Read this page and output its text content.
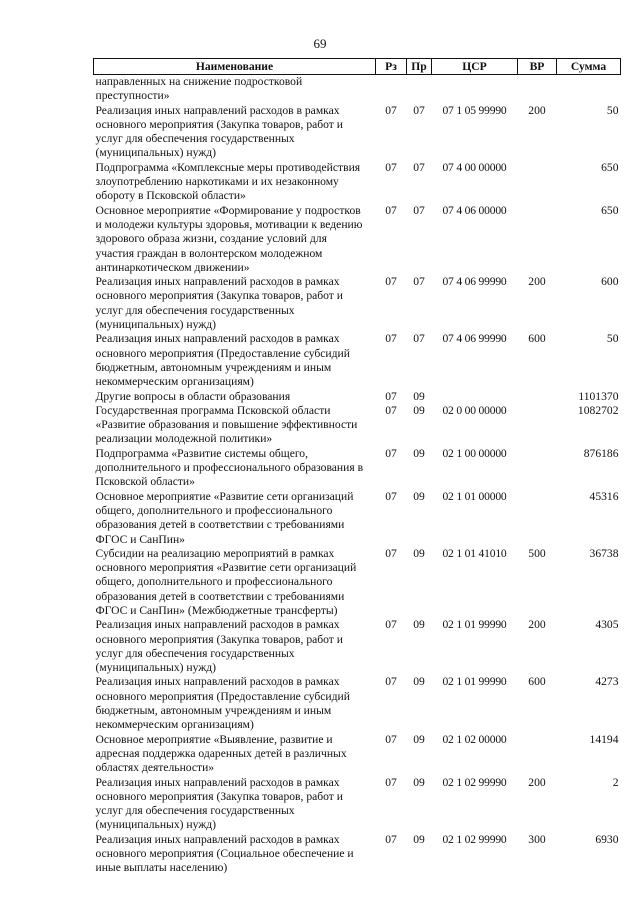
69
Наименование	Рз	Пр	ЦСР	ВР	Сумма

направленных на снижение подростковой
преступности»					

Реализация иных направлений расходов в рамках
основного мероприятия (Закупка товаров, работ и
услуг для обеспечения государственных
(муниципальных) нужд)	07	07	07 1 05 99990	200	50

Подпрограмма «Комплексные меры противодействия
злоупотреблению наркотиками и их незаконному
обороту в Псковской области»	07	07	07 4 00 00000		650

Основное мероприятие «Формирование у подростков
и молодежи культуры здоровья, мотивации к ведению
здорового образа жизни, создание условий для
участия граждан в волонтерском молодежном
антинаркотическом движении»	07	07	07 4 06 00000		650

Реализация иных направлений расходов в рамках
основного мероприятия (Закупка товаров, работ и
услуг для обеспечения государственных
(муниципальных) нужд)	07	07	07 4 06 99990	200	600

Реализация иных направлений расходов в рамках
основного мероприятия (Предоставление субсидий
бюджетным, автономным учреждениям и иным
некоммерческим организациям)	07	07	07 4 06 99990	600	50

Другие вопросы в области образования	07	09			1101370

Государственная программа Псковской области
«Развитие образования и повышение эффективности
реализации молодежной политики»	07	09	02 0 00 00000		1082702

Подпрограмма «Развитие системы общего,
дополнительного и профессионального образования в
Псковской области»	07	09	02 1 00 00000		876186

Основное мероприятие «Развитие сети организаций
общего, дополнительного и профессионального
образования детей в соответствии с требованиями
ФГОС и СанПин»	07	09	02 1 01 00000		45316

Субсидии на реализацию мероприятий в рамках
основного мероприятия «Развитие сети организаций
общего, дополнительного и профессионального
образования детей в соответствии с требованиями
ФГОС и СанПин» (Межбюджетные трансферты)	07	09	02 1 01 41010	500	36738

Реализация иных направлений расходов в рамках
основного мероприятия (Закупка товаров, работ и
услуг для обеспечения государственных
(муниципальных) нужд)	07	09	02 1 01 99990	200	4305

Реализация иных направлений расходов в рамках
основного мероприятия (Предоставление субсидий
бюджетным, автономным учреждениям и иным
некоммерческим организациям)	07	09	02 1 01 99990	600	4273

Основное мероприятие «Выявление, развитие и
адресная поддержка одаренных детей в различных
областях деятельности»	07	09	02 1 02 00000		14194

Реализация иных направлений расходов в рамках
основного мероприятия (Закупка товаров, работ и
услуг для обеспечения государственных
(муниципальных) нужд)	07	09	02 1 02 99990	200	2

Реализация иных направлений расходов в рамках
основного мероприятия (Социальное обеспечение и
иные выплаты населению)	07	09	02 1 02 99990	300	6930
